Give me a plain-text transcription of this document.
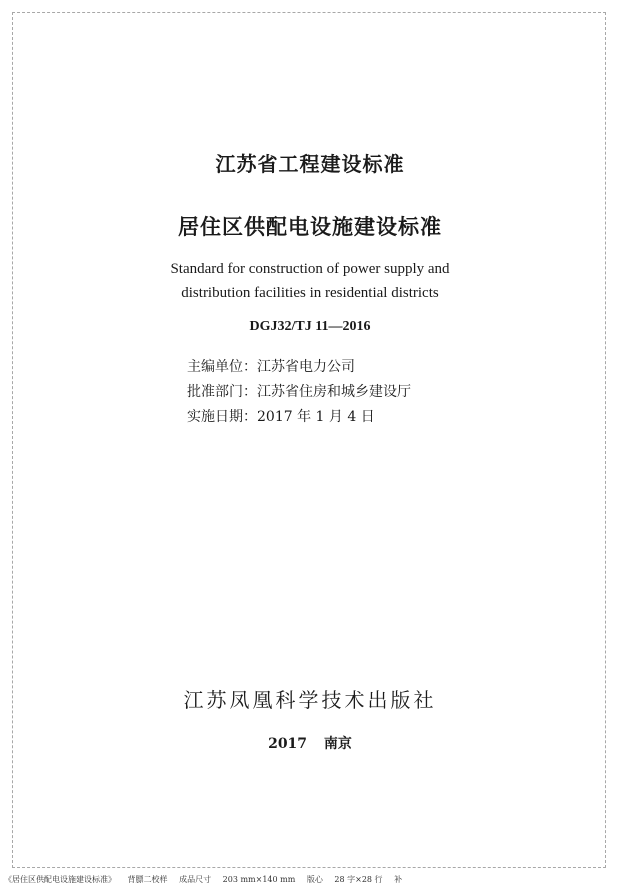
江苏省工程建设标准
居住区供配电设施建设标准
Standard for construction of power supply and
distribution facilities in residential districts
DGJ32/TJ 11—2016
主编单位：江苏省电力公司
批准部门：江苏省住房和城乡建设厅
实施日期：2017 年 1 月 4 日
江苏凤凰科学技术出版社
2017 南京
《居住区供配电设施建设标准》 背膘二校样 成品尺寸 203 mm×140 mm 版心 28 字×28 行 补
